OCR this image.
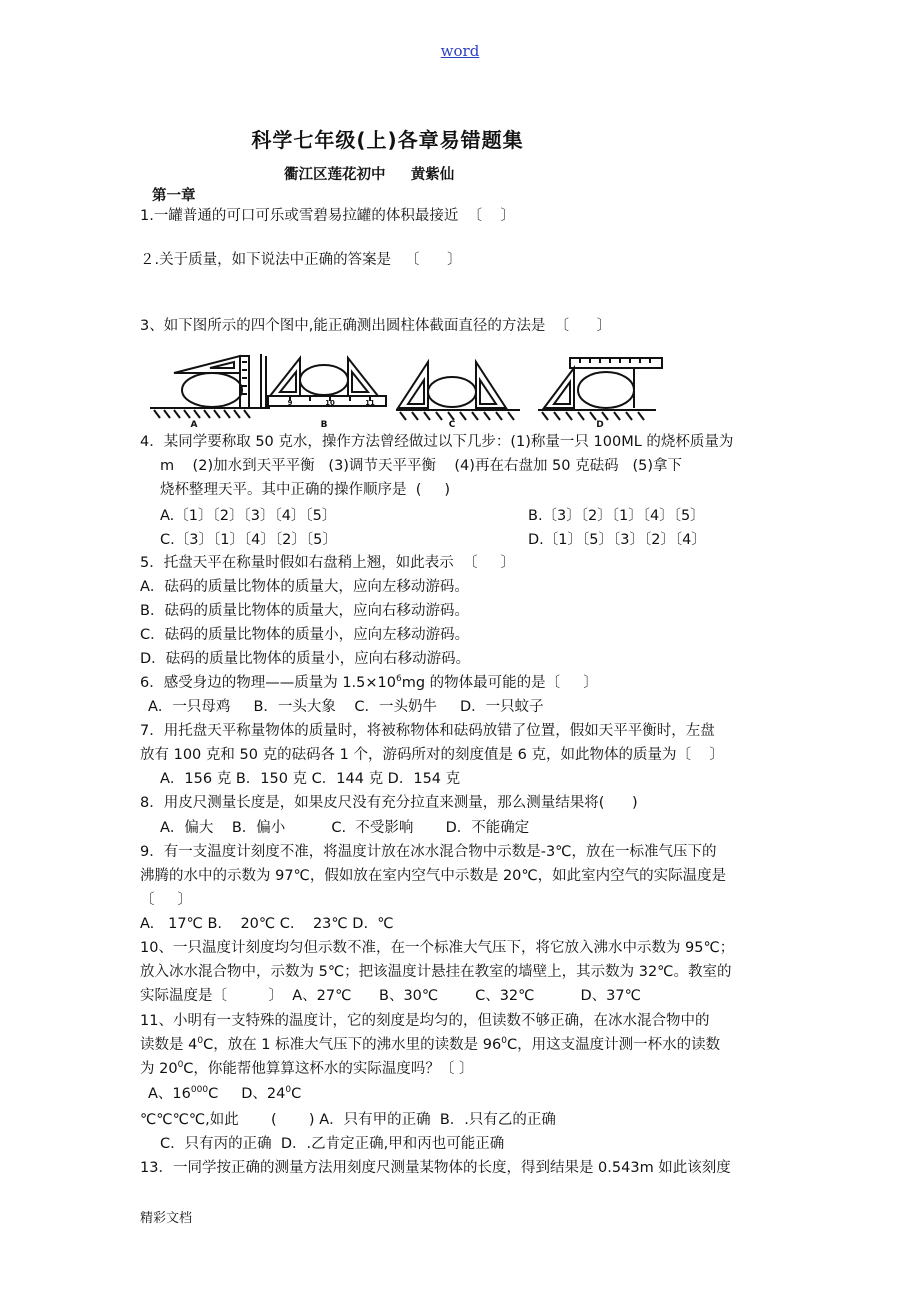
word
科学七年级(上)各章易错题集
衢江区莲花初中     黄紫仙
第一章
1.一罐普通的可口可乐或雪碧易拉罐的体积最接近  〔    〕
２.关于质量，如下说法中正确的答案是   〔      〕
3、如下图所示的四个图中,能正确测出圆柱体截面直径的方法是  〔      〕
A	B	C	D
9	10	11
4．某同学要称取 50 克水，操作方法曾经做过以下几步：(1)称量一只 100ML 的烧杯质量为
m    (2)加水到天平平衡   (3)调节天平平衡    (4)再在右盘加 50 克砝码   (5)拿下
烧杯整理天平。其中正确的操作顺序是  (     )
A.〔1〕〔2〕〔3〕〔4〕〔5〕	B.〔3〕〔2〕〔1〕〔4〕〔5〕
C.〔3〕〔1〕〔4〕〔2〕〔5〕	D.〔1〕〔5〕〔3〕〔2〕〔4〕
5．托盘天平在称量时假如右盘稍上翘，如此表示  〔     〕
A．砝码的质量比物体的质量大，应向左移动游码。
B．砝码的质量比物体的质量大，应向右移动游码。
C．砝码的质量比物体的质量小，应向左移动游码。
D．砝码的质量比物体的质量小，应向右移动游码。
6．感受身边的物理——质量为 $1.5\times 10^6mg$ 的物体最可能的是〔     〕
A．一只母鸡     B．一头大象    C．一头奶牛     D．一只蚊子
7．用托盘天平称量物体的质量时，将被称物体和砝码放错了位置，假如天平平衡时，左盘
放有 100 克和 50 克的砝码各 1 个，游码所对的刻度值是 6 克，如此物体的质量为〔    〕
A．156 克 B．150 克 C．144 克 D．154 克
8．用皮尺测量长度是，如果皮尺没有充分拉直来测量，那么测量结果将(      )
A．偏大    B．偏小          C.  不受影响       D．不能确定
9．有一支温度计刻度不准，将温度计放在冰水混合物中示数是-3℃，放在一标准气压下的
沸腾的水中的示数为 97℃，假如放在室内空气中示数是 20℃，如此室内空气的实际温度是
〔     〕
A.   17℃ B.    20℃ C.    23℃ D.  ℃
10、一只温度计刻度均匀但示数不准，在一个标准大气压下，将它放入沸水中示数为 95℃；
放入冰水混合物中，示数为 5℃；把该温度计悬挂在教室的墙壁上，其示数为 32℃。教室的
实际温度是〔         〕  A、27℃      B、30℃        C、32℃          D、37℃
11、小明有一支特殊的温度计，它的刻度是均匀的，但读数不够正确，在冰水混合物中的
读数是 $4^0C$，放在 1 标准大气压下的沸水里的读数是 $96^0C$，用这支温度计测一杯水的读数
为 $20^0C$，你能帮他算算这杯水的实际温度吗？〔 〕
A、$16^{000}C$     D、$24^0C$
℃℃℃℃,如此       (       ) A．只有甲的正确  B．.只有乙的正确
C．只有丙的正确  D．.乙肯定正确,甲和丙也可能正确
13．一同学按正确的测量方法用刻度尺测量某物体的长度，得到结果是 0.543m 如此该刻度
精彩文档
